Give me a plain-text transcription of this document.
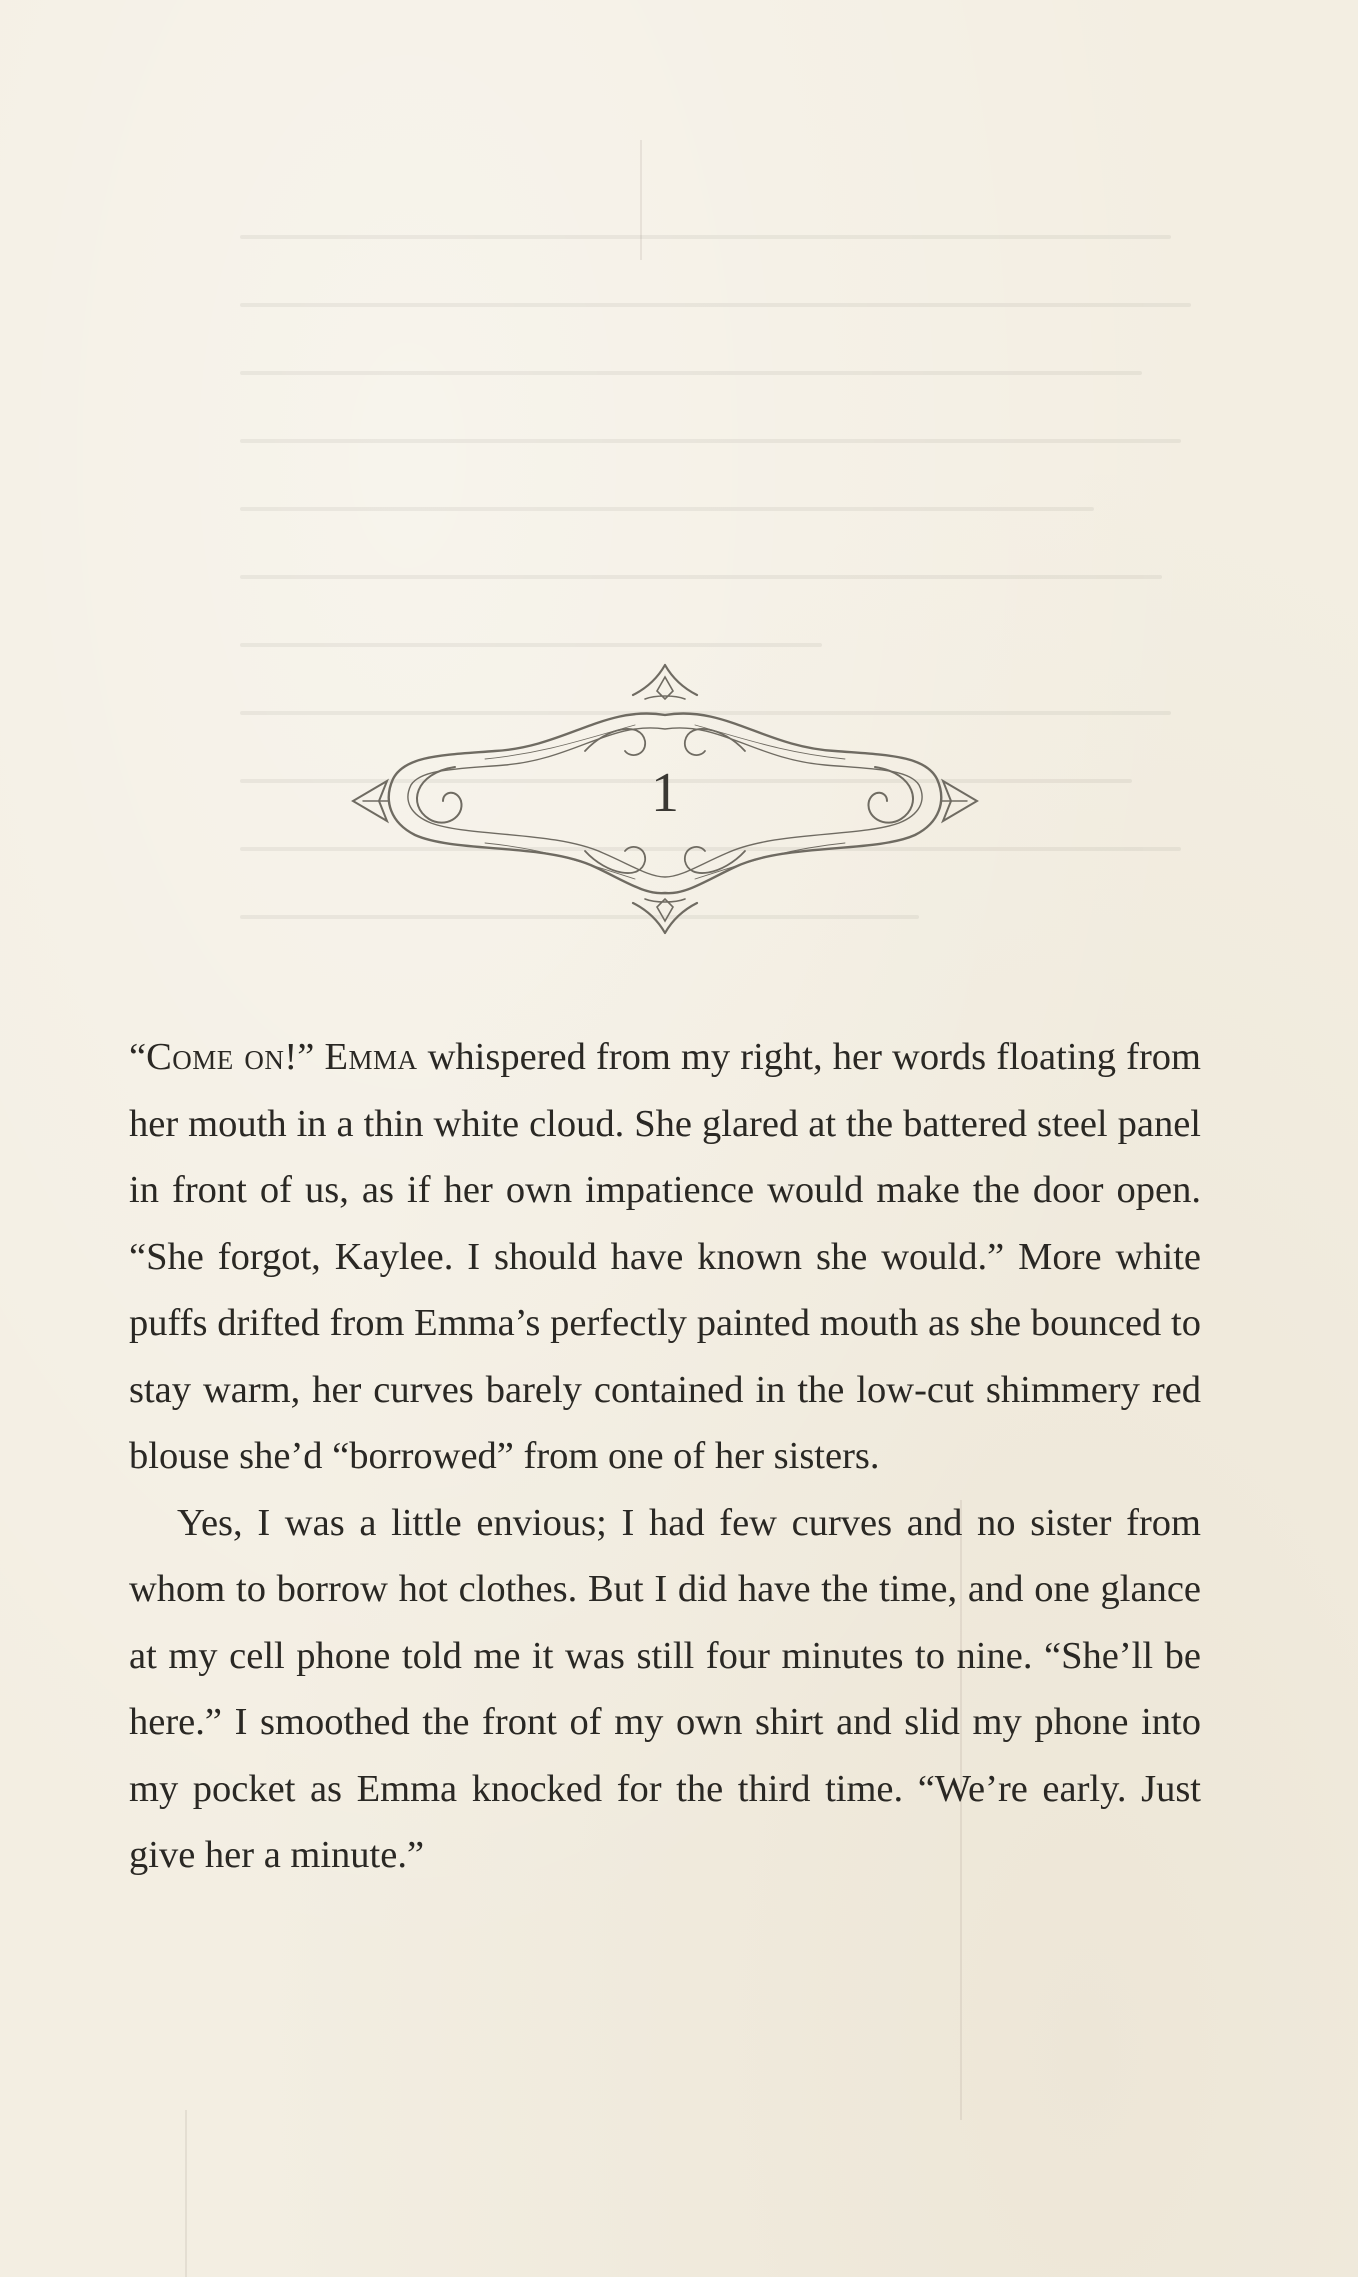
1

“Come on!” Emma whispered from my right, her words floating from her mouth in a thin white cloud. She glared at the battered steel panel in front of us, as if her own impatience would make the door open. “She forgot, Kaylee. I should have known she would.” More white puffs drifted from Emma’s perfectly painted mouth as she bounced to stay warm, her curves barely contained in the low-cut shimmery red blouse she’d “borrowed” from one of her sisters.

Yes, I was a little envious; I had few curves and no sister from whom to borrow hot clothes. But I did have the time, and one glance at my cell phone told me it was still four minutes to nine. “She’ll be here.” I smoothed the front of my own shirt and slid my phone into my pocket as Emma knocked for the third time. “We’re early. Just give her a minute.”
